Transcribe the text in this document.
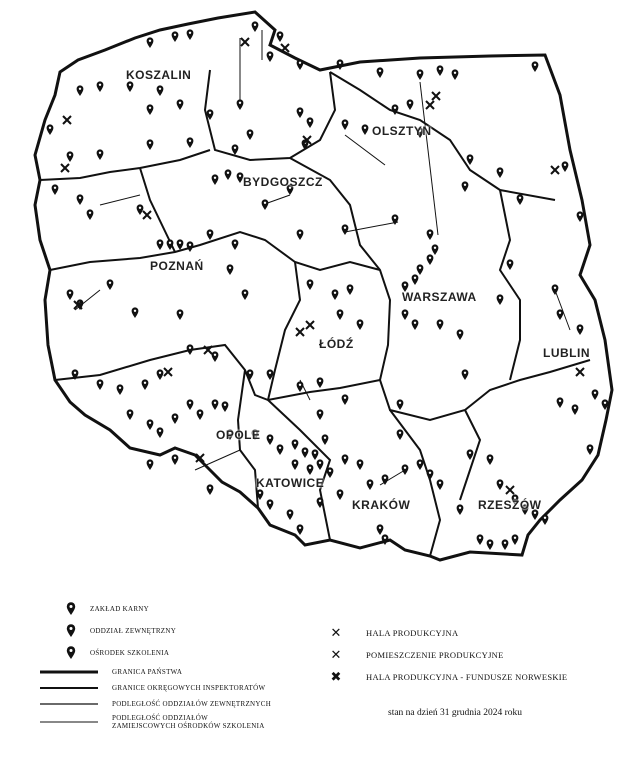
KOSZALIN
OLSZTYN
BYDGOSZCZ
POZNAŃ
WARSZAWA
ŁÓDŹ
LUBLIN
OPOLE
KATOWICE
KRAKÓW	RZESZÓW
ZAKŁAD KARNY
ODDZIAŁ ZEWNĘTRZNY
OŚRODEK SZKOLENIA
GRANICA PAŃSTWA
GRANICE OKRĘGOWYCH INSPEKTORATÓW
PODLEGŁOŚĆ ODDZIAŁÓW ZEWNĘTRZNYCH
PODLEGŁOŚĆ ODDZIAŁÓW ZAMIEJSCOWYCH OŚRODKÓW SZKOLENIA
✕	HALA PRODUKCYJNA
✕	POMIESZCZENIE PRODUKCYJNE
✖	HALA PRODUKCYJNA - FUNDUSZE NORWESKIE
stan na dzień 31 grudnia 2024 roku
